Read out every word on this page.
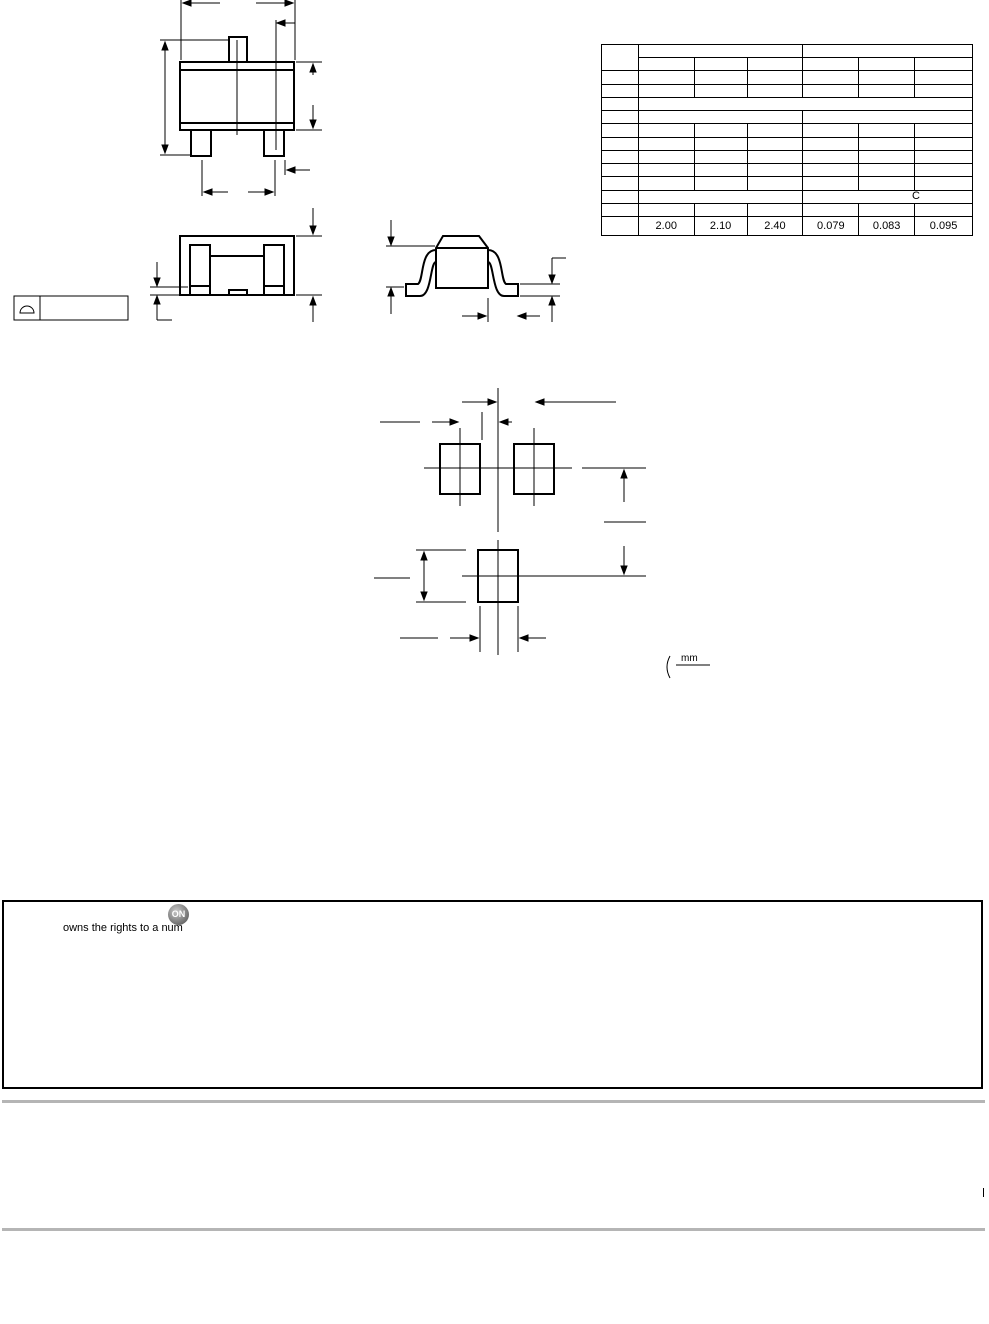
				C		

	2.00	2.10	2.40	0.079	0.083	0.095
mm
ON
owns the rights to a num
